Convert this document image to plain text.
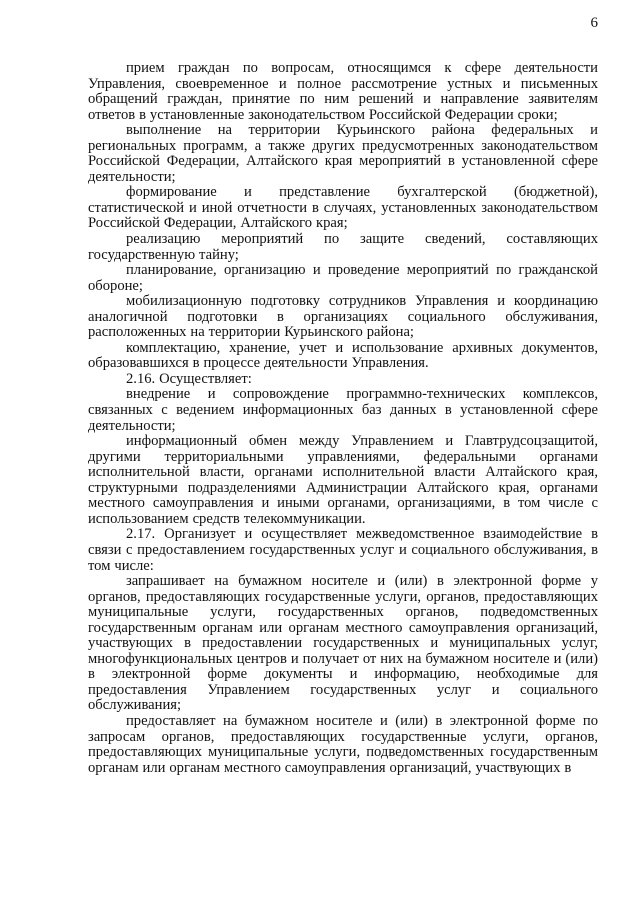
6

прием граждан по вопросам, относящимся к сфере деятельности Управления, своевременное и полное рассмотрение устных и письменных обращений граждан, принятие по ним решений и направление заявителям ответов в установленные законодательством Российской Федерации сроки;

выполнение на территории Курьинского района федеральных и региональных программ, а также других предусмотренных законодательством Российской Федерации, Алтайского края мероприятий в установленной сфере деятельности;

формирование и представление бухгалтерской (бюджетной), статистической и иной отчетности в случаях, установленных законодательством Российской Федерации, Алтайского края;

реализацию мероприятий по защите сведений, составляющих государственную тайну;

планирование, организацию и проведение мероприятий по гражданской обороне;

мобилизационную подготовку сотрудников Управления и координацию аналогичной подготовки в организациях социального обслуживания, расположенных на территории Курьинского района;

комплектацию, хранение, учет и использование архивных документов, образовавшихся в процессе деятельности Управления.

2.16. Осуществляет:

внедрение и сопровождение программно-технических комплексов, связанных с ведением информационных баз данных в установленной сфере деятельности;

информационный обмен между Управлением и Главтрудсоцзащитой, другими территориальными управлениями, федеральными органами исполнительной власти, органами исполнительной власти Алтайского края, структурными подразделениями Администрации Алтайского края, органами местного самоуправления и иными органами, организациями, в том числе с использованием средств телекоммуникации.

2.17. Организует и осуществляет межведомственное взаимодействие в связи с предоставлением государственных услуг и социального обслуживания, в том числе:

запрашивает на бумажном носителе и (или) в электронной форме у органов, предоставляющих государственные услуги, органов, предоставляющих муниципальные услуги, государственных органов, подведомственных государственным органам или органам местного самоуправления организаций, участвующих в предоставлении государственных и муниципальных услуг, многофункциональных центров и получает от них на бумажном носителе и (или) в электронной форме документы и информацию, необходимые для предоставления Управлением государственных услуг и социального обслуживания;

предоставляет на бумажном носителе и (или) в электронной форме по запросам органов, предоставляющих государственные услуги, органов, предоставляющих муниципальные услуги, подведомственных государственным органам или органам местного самоуправления организаций, участвующих в
